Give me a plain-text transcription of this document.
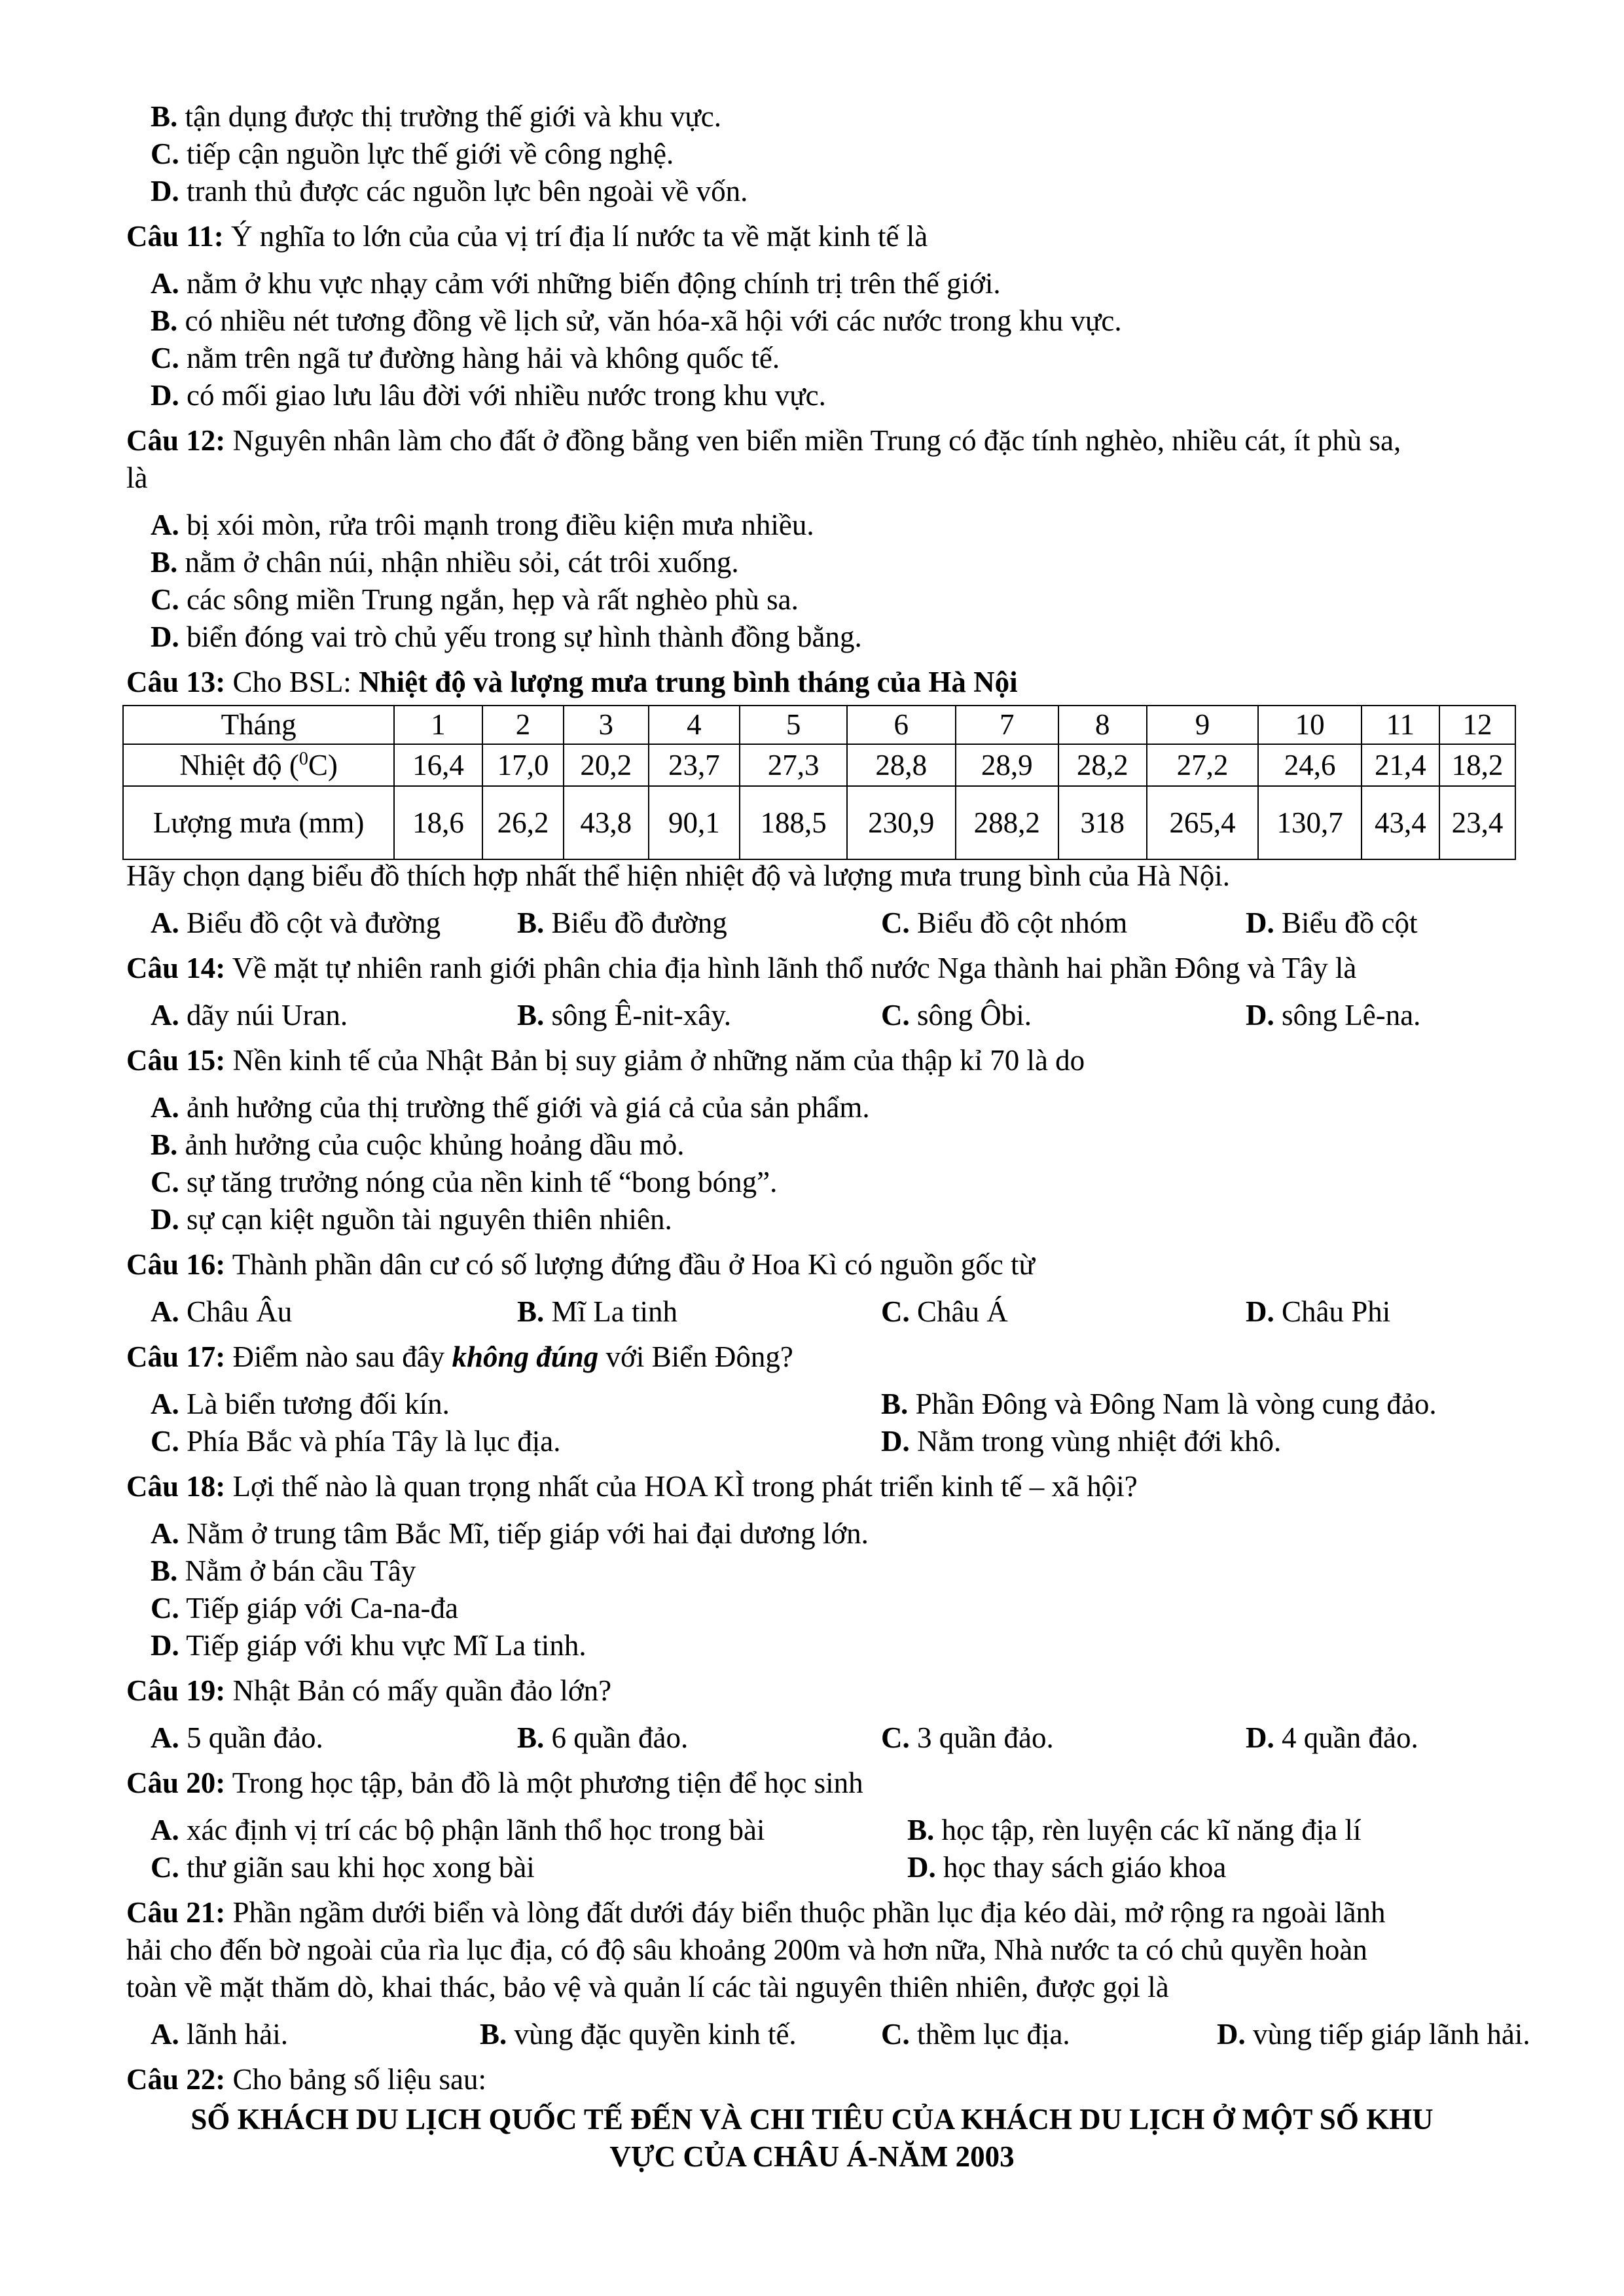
B. tận dụng được thị trường thế giới và khu vực.
C. tiếp cận nguồn lực thế giới về công nghệ.
D. tranh thủ được các nguồn lực bên ngoài về vốn.
Câu 11: Ý nghĩa to lớn của của vị trí địa lí nước ta về mặt kinh tế là
A. nằm ở khu vực nhạy cảm với những biến động chính trị trên thế giới.
B. có nhiều nét tương đồng về lịch sử, văn hóa-xã hội với các nước trong khu vực.
C. nằm trên ngã tư đường hàng hải và không quốc tế.
D. có mối giao lưu lâu đời với nhiều nước trong khu vực.
Câu 12: Nguyên nhân làm cho đất ở đồng bằng ven biển miền Trung có đặc tính nghèo, nhiều cát, ít phù sa,
là
A. bị xói mòn, rửa trôi mạnh trong điều kiện mưa nhiều.
B. nằm ở chân núi, nhận nhiều sỏi, cát trôi xuống.
C. các sông miền Trung ngắn, hẹp và rất nghèo phù sa.
D. biển đóng vai trò chủ yếu trong sự hình thành đồng bằng.
Câu 13: Cho BSL: Nhiệt độ và lượng mưa trung bình tháng của Hà Nội
Tháng	1	2	3	4	5	6	7	8	9	10	11	12
Nhiệt độ ($^0$C)	16,4	17,0	20,2	23,7	27,3	28,8	28,9	28,2	27,2	24,6	21,4	18,2
Lượng mưa (mm)	18,6	26,2	43,8	90,1	188,5	230,9	288,2	318	265,4	130,7	43,4	23,4
Hãy chọn dạng biểu đồ thích hợp nhất thể hiện nhiệt độ và lượng mưa trung bình của Hà Nội.
A. Biểu đồ cột và đường	B. Biểu đồ đường	C. Biểu đồ cột nhóm	D. Biểu đồ cột
Câu 14: Về mặt tự nhiên ranh giới phân chia địa hình lãnh thổ nước Nga thành hai phần Đông và Tây là
A. dãy núi Uran.	B. sông Ê-nit-xây.	C. sông Ôbi.	D. sông Lê-na.
Câu 15: Nền kinh tế của Nhật Bản bị suy giảm ở những năm của thập kỉ 70 là do
A. ảnh hưởng của thị trường thế giới và giá cả của sản phẩm.
B. ảnh hưởng của cuộc khủng hoảng dầu mỏ.
C. sự tăng trưởng nóng của nền kinh tế “bong bóng”.
D. sự cạn kiệt nguồn tài nguyên thiên nhiên.
Câu 16: Thành phần dân cư có số lượng đứng đầu ở Hoa Kì có nguồn gốc từ
A. Châu Âu	B. Mĩ La tinh	C. Châu Á	D. Châu Phi
Câu 17: Điểm nào sau đây không đúng với Biển Đông?
A. Là biển tương đối kín.	B. Phần Đông và Đông Nam là vòng cung đảo.
C. Phía Bắc và phía Tây là lục địa.	D. Nằm trong vùng nhiệt đới khô.
Câu 18: Lợi thế nào là quan trọng nhất của HOA KÌ trong phát triển kinh tế – xã hội?
A. Nằm ở trung tâm Bắc Mĩ, tiếp giáp với hai đại dương lớn.
B. Nằm ở bán cầu Tây
C. Tiếp giáp với Ca-na-đa
D. Tiếp giáp với khu vực Mĩ La tinh.
Câu 19: Nhật Bản có mấy quần đảo lớn?
A. 5 quần đảo.	B. 6 quần đảo.	C. 3 quần đảo.	D. 4 quần đảo.
Câu 20: Trong học tập, bản đồ là một phương tiện để học sinh
A. xác định vị trí các bộ phận lãnh thổ học trong bài	B. học tập, rèn luyện các kĩ năng địa lí
C. thư giãn sau khi học xong bài	D. học thay sách giáo khoa
Câu 21: Phần ngầm dưới biển và lòng đất dưới đáy biển thuộc phần lục địa kéo dài, mở rộng ra ngoài lãnh
hải cho đến bờ ngoài của rìa lục địa, có độ sâu khoảng 200m và hơn nữa, Nhà nước ta có chủ quyền hoàn
toàn về mặt thăm dò, khai thác, bảo vệ và quản lí các tài nguyên thiên nhiên, được gọi là
A. lãnh hải.	B. vùng đặc quyền kinh tế.	C. thềm lục địa.	D. vùng tiếp giáp lãnh hải.
Câu 22: Cho bảng số liệu sau:
SỐ KHÁCH DU LỊCH QUỐC TẾ ĐẾN VÀ CHI TIÊU CỦA KHÁCH DU LỊCH Ở MỘT SỐ KHU
VỰC CỦA CHÂU Á-NĂM 2003
